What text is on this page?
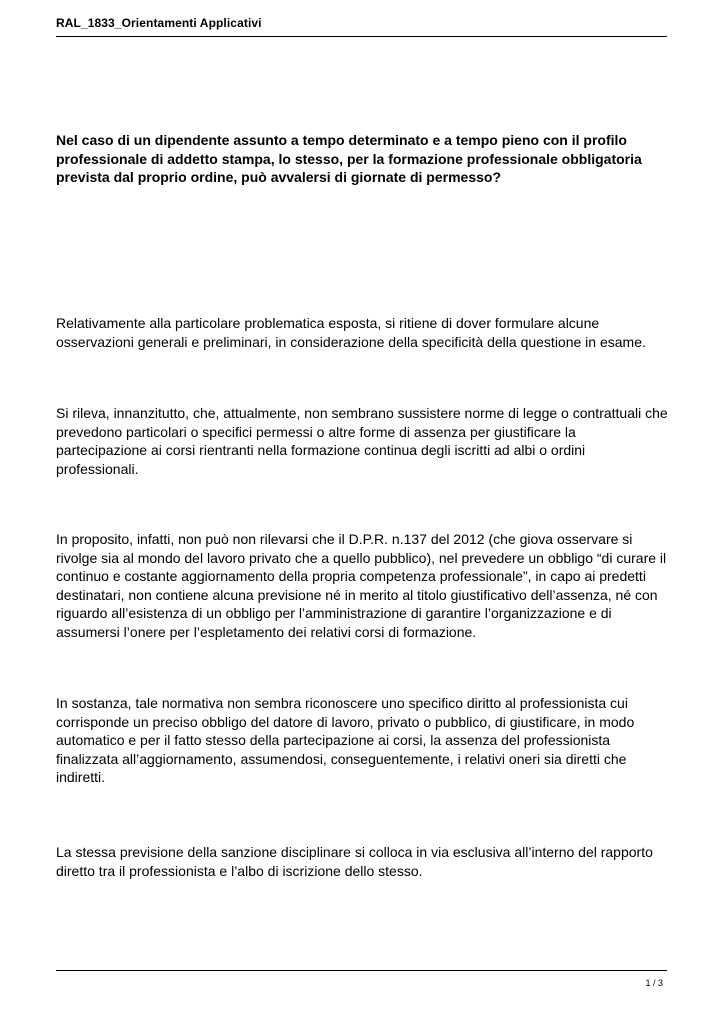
RAL_1833_Orientamenti Applicativi
Nel caso di un dipendente assunto a tempo determinato e a tempo pieno con il profilo professionale di addetto stampa, lo stesso, per la formazione professionale obbligatoria prevista dal proprio ordine, può avvalersi di giornate di permesso?
Relativamente alla particolare problematica esposta, si ritiene di dover formulare alcune osservazioni generali e preliminari, in considerazione della specificità della questione in esame.
Si rileva, innanzitutto, che, attualmente, non sembrano sussistere norme di legge o contrattuali che prevedono particolari o specifici permessi o altre forme di assenza per giustificare la partecipazione ai corsi rientranti nella formazione continua degli iscritti ad albi o ordini professionali.
In proposito, infatti, non può non rilevarsi che il D.P.R. n.137 del 2012 (che giova osservare si rivolge sia al mondo del lavoro privato che a quello pubblico), nel prevedere un obbligo “di curare il continuo e costante aggiornamento della propria competenza professionale”, in capo ai predetti destinatari, non contiene alcuna previsione né in merito al titolo giustificativo dell’assenza, né con riguardo all’esistenza di un obbligo per l’amministrazione di garantire l’organizzazione e di assumersi l’onere per l’espletamento dei relativi corsi di formazione.
In sostanza, tale normativa non sembra riconoscere uno specifico diritto al professionista cui corrisponde un preciso obbligo del datore di lavoro, privato o pubblico, di giustificare, in modo automatico e per il fatto stesso della partecipazione ai corsi, la assenza del professionista finalizzata all’aggiornamento, assumendosi, conseguentemente, i relativi oneri sia diretti che indiretti.
La stessa previsione della sanzione disciplinare si colloca in via esclusiva all’interno del rapporto diretto tra il professionista e l’albo di iscrizione dello stesso.
1 / 3
